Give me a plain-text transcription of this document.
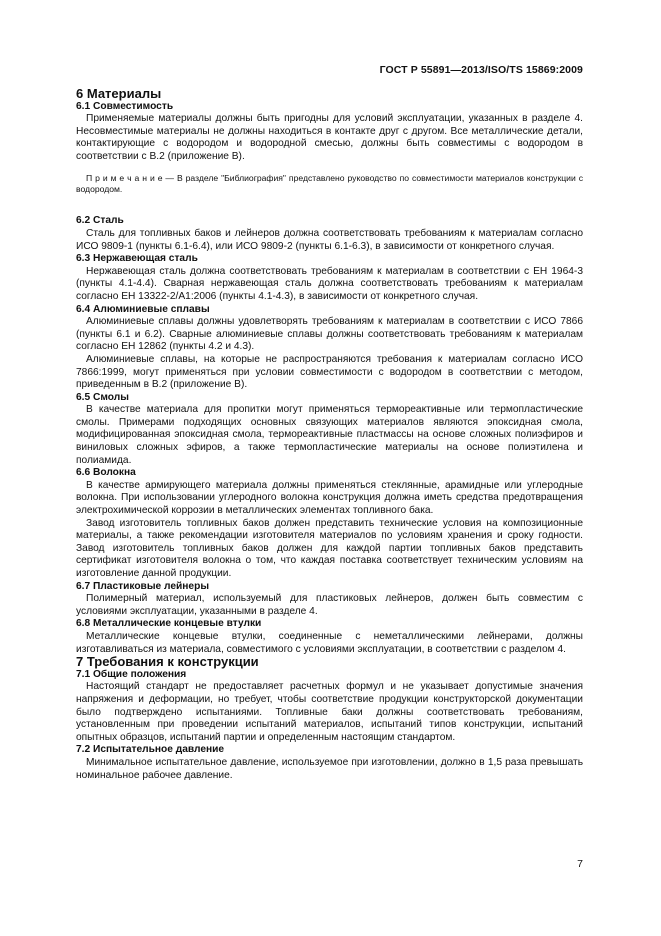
ГОСТ Р 55891—2013/ISO/TS 15869:2009

6 Материалы

6.1 Совместимость

Применяемые материалы должны быть пригодны для условий эксплуатации, указанных в разделе 4. Несовместимые материалы не должны находиться в контакте друг с другом. Все металлические детали, контактирующие с водородом и водородной смесью, должны быть совместимы с водородом в соответствии с В.2 (приложение В).

П р и м е ч а н и е — В разделе "Библиография" представлено руководство по совместимости материалов конструкции с водородом.

6.2 Сталь

Сталь для топливных баков и лейнеров должна соответствовать требованиям к материалам согласно ИСО 9809-1 (пункты 6.1-6.4), или ИСО 9809-2 (пункты 6.1-6.3), в зависимости от конкретного случая.

6.3 Нержавеющая сталь

Нержавеющая сталь должна соответствовать требованиям к материалам в соответствии с ЕН 1964-3 (пункты 4.1-4.4). Сварная нержавеющая сталь должна соответствовать требованиям к материалам согласно ЕН 13322-2/А1:2006 (пункты 4.1-4.3), в зависимости от конкретного случая.

6.4 Алюминиевые сплавы

Алюминиевые сплавы должны удовлетворять требованиям к материалам в соответствии с ИСО 7866 (пункты 6.1 и 6.2). Сварные алюминиевые сплавы должны соответствовать требованиям к материалам согласно ЕН 12862 (пункты 4.2 и 4.3).

Алюминиевые сплавы, на которые не распространяются требования к материалам согласно ИСО 7866:1999, могут применяться при условии совместимости с водородом в соответствии с методом, приведенным в В.2 (приложение В).

6.5 Смолы

В качестве материала для пропитки могут применяться термореактивные или термопластические смолы. Примерами подходящих основных связующих материалов являются эпоксидная смола, модифицированная эпоксидная смола, термореактивные пластмассы на основе сложных полиэфиров и виниловых сложных эфиров, а также термопластические материалы на основе полиэтилена и полиамида.

6.6 Волокна

В качестве армирующего материала должны применяться стеклянные, арамидные или углеродные волокна. При использовании углеродного волокна конструкция должна иметь средства предотвращения электрохимической коррозии в металлических элементах топливного бака.

Завод изготовитель топливных баков должен представить технические условия на композиционные материалы, а также рекомендации изготовителя материалов по условиям хранения и сроку годности. Завод изготовитель топливных баков должен для каждой партии топливных баков представить сертификат изготовителя волокна о том, что каждая поставка соответствует техническим условиям на изготовление данной продукции.

6.7 Пластиковые лейнеры

Полимерный материал, используемый для пластиковых лейнеров, должен быть совместим с условиями эксплуатации, указанными в разделе 4.

6.8 Металлические концевые втулки

Металлические концевые втулки, соединенные с неметаллическими лейнерами, должны изготавливаться из материала, совместимого с условиями эксплуатации, в соответствии с разделом 4.

7 Требования к конструкции

7.1 Общие положения

Настоящий стандарт не предоставляет расчетных формул и не указывает допустимые значения напряжения и деформации, но требует, чтобы соответствие продукции конструкторской документации было подтверждено испытаниями. Топливные баки должны соответствовать требованиям, установленным при проведении испытаний материалов, испытаний типов конструкции, испытаний опытных образцов, испытаний партии и определенным настоящим стандартом.

7.2 Испытательное давление

Минимальное испытательное давление, используемое при изготовлении, должно в 1,5 раза превышать номинальное рабочее давление.

7
